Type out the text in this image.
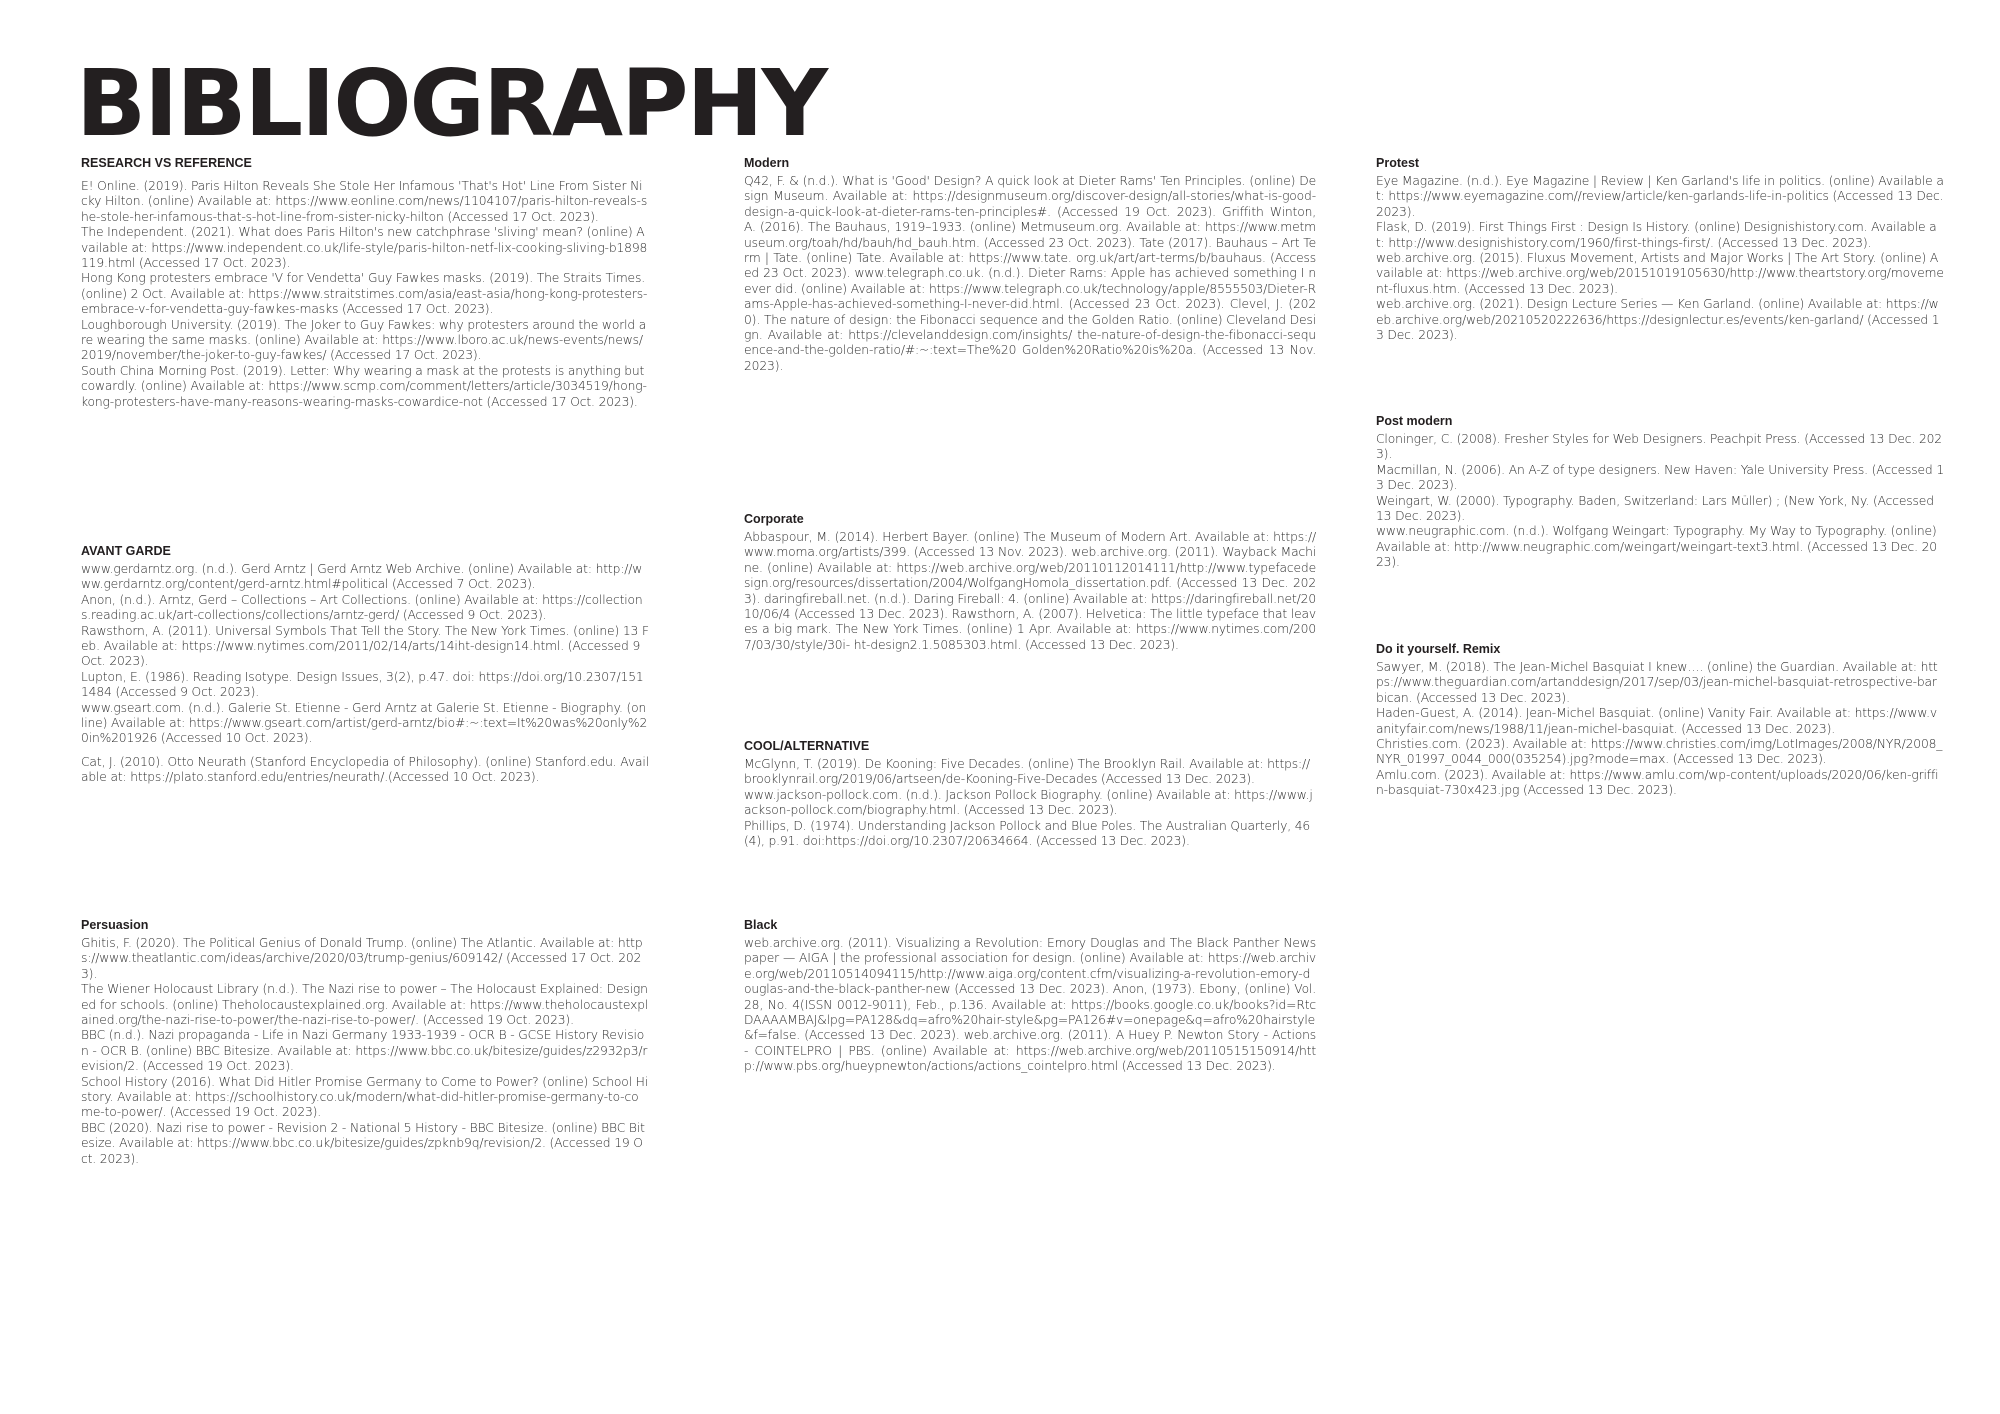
BIBLIOGRAPHY
RESEARCH VS REFERENCE

E! Online. (2019). Paris Hilton Reveals She Stole Her Infamous 'That's Hot' Line From Sister Nicky Hilton. (online) Available at: https://www.eonline.com/news/1104107/paris-hilton-reveals-she-stole-her-infamous-that-s-hot-line-from-sister-nicky-hilton (Accessed 17 Oct. 2023).

The Independent. (2021). What does Paris Hilton's new catchphrase 'sliving' mean? (online) Available at: https://www.independent.co.uk/life-style/paris-hilton-netf-lix-cooking-sliving-b1898119.html (Accessed 17 Oct. 2023).

Hong Kong protesters embrace 'V for Vendetta' Guy Fawkes masks. (2019). The Straits Times. (online) 2 Oct. Available at: https://www.straitstimes.com/asia/east-asia/hong-kong-protesters-embrace-v-for-vendetta-guy-fawkes-masks (Accessed 17 Oct. 2023).

Loughborough University. (2019). The Joker to Guy Fawkes: why protesters around the world are wearing the same masks. (online) Available at: https://www.lboro.ac.uk/news-events/news/2019/november/the-joker-to-guy-fawkes/ (Accessed 17 Oct. 2023).

South China Morning Post. (2019). Letter: Why wearing a mask at the protests is anything but cowardly. (online) Available at: https://www.scmp.com/comment/letters/article/3034519/hong-kong-protesters-have-many-reasons-wearing-masks-cowardice-not (Accessed 17 Oct. 2023).

AVANT GARDE

www.gerdarntz.org. (n.d.). Gerd Arntz | Gerd Arntz Web Archive. (online) Available at: http://www.gerdarntz.org/content/gerd-arntz.html#political (Accessed 7 Oct. 2023).

Anon, (n.d.). Arntz, Gerd – Collections – Art Collections. (online) Available at: https://collections.reading.ac.uk/art-collections/collections/arntz-gerd/ (Accessed 9 Oct. 2023).

Rawsthorn, A. (2011). Universal Symbols That Tell the Story. The New York Times. (online) 13 Feb. Available at: https://www.nytimes.com/2011/02/14/arts/14iht-design14.html. (Accessed 9 Oct. 2023).

Lupton, E. (1986). Reading Isotype. Design Issues, 3(2), p.47. doi: https://doi.org/10.2307/1511484 (Accessed 9 Oct. 2023).

www.gseart.com. (n.d.). Galerie St. Etienne - Gerd Arntz at Galerie St. Etienne - Biography. (online) Available at: https://www.gseart.com/artist/gerd-arntz/bio#:~:text=It%20was%20only%20in%201926 (Accessed 10 Oct. 2023).

Cat, J. (2010). Otto Neurath (Stanford Encyclopedia of Philosophy). (online) Stanford.edu. Available at: https://plato.stanford.edu/entries/neurath/.(Accessed 10 Oct. 2023).

Persuasion

Ghitis, F. (2020). The Political Genius of Donald Trump. (online) The Atlantic. Available at: https://www.theatlantic.com/ideas/archive/2020/03/trump-genius/609142/ (Accessed 17 Oct. 2023).

The Wiener Holocaust Library (n.d.). The Nazi rise to power – The Holocaust Explained: Designed for schools. (online) Theholocaustexplained.org. Available at: https://www.theholocaustexplained.org/the-nazi-rise-to-power/the-nazi-rise-to-power/. (Accessed 19 Oct. 2023).

BBC (n.d.). Nazi propaganda - Life in Nazi Germany 1933-1939 - OCR B - GCSE History Revision - OCR B. (online) BBC Bitesize. Available at: https://www.bbc.co.uk/bitesize/guides/z2932p3/revision/2. (Accessed 19 Oct. 2023).

School History (2016). What Did Hitler Promise Germany to Come to Power? (online) School History. Available at: https://schoolhistory.co.uk/modern/what-did-hitler-promise-germany-to-come-to-power/. (Accessed 19 Oct. 2023).

BBC (2020). Nazi rise to power - Revision 2 - National 5 History - BBC Bitesize. (online) BBC Bitesize. Available at: https://www.bbc.co.uk/bitesize/guides/zpknb9q/revision/2. (Accessed 19 Oct. 2023).

Modern

Q42, F. & (n.d.). What is 'Good' Design? A quick look at Dieter Rams' Ten Principles. (online) Design Museum. Available at: https://designmuseum.org/discover-design/all-stories/what-is-good-design-a-quick-look-at-dieter-rams-ten-principles#. (Accessed 19 Oct. 2023). Griffith Winton, A. (2016). The Bauhaus, 1919–1933. (online) Metmuseum.org. Available at: https://www.metmuseum.org/toah/hd/bauh/hd_bauh.htm. (Accessed 23 Oct. 2023). Tate (2017). Bauhaus – Art Term | Tate. (online) Tate. Available at: https://www.tate. org.uk/art/art-terms/b/bauhaus. (Accessed 23 Oct. 2023). www.telegraph.co.uk. (n.d.). Dieter Rams: Apple has achieved something I never did. (online) Available at: https://www.telegraph.co.uk/technology/apple/8555503/Dieter-Rams-Apple-has-achieved-something-I-never-did.html. (Accessed 23 Oct. 2023). Clevel, J. (2020). The nature of design: the Fibonacci sequence and the Golden Ratio. (online) Cleveland Design. Available at: https://clevelanddesign.com/insights/ the-nature-of-design-the-fibonacci-sequence-and-the-golden-ratio/#:~:text=The%20 Golden%20Ratio%20is%20a. (Accessed 13 Nov. 2023).

Corporate

Abbaspour, M. (2014). Herbert Bayer. (online) The Museum of Modern Art. Available at: https://www.moma.org/artists/399. (Accessed 13 Nov. 2023). web.archive.org. (2011). Wayback Machine. (online) Available at: https://web.archive.org/web/20110112014111/http://www.typefacedesign.org/resources/dissertation/2004/WolfgangHomola_dissertation.pdf. (Accessed 13 Dec. 2023). daringfireball.net. (n.d.). Daring Fireball: 4. (online) Available at: https://daringfireball.net/2010/06/4 (Accessed 13 Dec. 2023). Rawsthorn, A. (2007). Helvetica: The little typeface that leaves a big mark. The New York Times. (online) 1 Apr. Available at: https://www.nytimes.com/2007/03/30/style/30i- ht-design2.1.5085303.html. (Accessed 13 Dec. 2023).

COOL/ALTERNATIVE

McGlynn, T. (2019). De Kooning: Five Decades. (online) The Brooklyn Rail. Available at: https://brooklynrail.org/2019/06/artseen/de-Kooning-Five-Decades (Accessed 13 Dec. 2023).

www.jackson-pollock.com. (n.d.). Jackson Pollock Biography. (online) Available at: https://www.jackson-pollock.com/biography.html. (Accessed 13 Dec. 2023).

Phillips, D. (1974). Understanding Jackson Pollock and Blue Poles. The Australian Quarterly, 46(4), p.91. doi:https://doi.org/10.2307/20634664. (Accessed 13 Dec. 2023).

Black

web.archive.org. (2011). Visualizing a Revolution: Emory Douglas and The Black Panther Newspaper — AIGA | the professional association for design. (online) Available at: https://web.archive.org/web/20110514094115/http://www.aiga.org/content.cfm/visualizing-a-revolution-emory-douglas-and-the-black-panther-new (Accessed 13 Dec. 2023). Anon, (1973). Ebony, (online) Vol. 28, No. 4(ISSN 0012-9011), Feb., p.136. Available at: https://books.google.co.uk/books?id=RtcDAAAAMBAJ&lpg=PA128&dq=afro%20hair-style&pg=PA126#v=onepage&q=afro%20hairstyle&f=false. (Accessed 13 Dec. 2023). web.archive.org. (2011). A Huey P. Newton Story - Actions - COINTELPRO | PBS. (online) Available at: https://web.archive.org/web/20110515150914/http://www.pbs.org/hueypnewton/actions/actions_cointelpro.html (Accessed 13 Dec. 2023).

Protest

Eye Magazine. (n.d.). Eye Magazine | Review | Ken Garland's life in politics. (online) Available at: https://www.eyemagazine.com//review/article/ken-garlands-life-in-politics (Accessed 13 Dec. 2023).

Flask, D. (2019). First Things First : Design Is History. (online) Designishistory.com. Available at: http://www.designishistory.com/1960/first-things-first/. (Accessed 13 Dec. 2023).

web.archive.org. (2015). Fluxus Movement, Artists and Major Works | The Art Story. (online) Available at: https://web.archive.org/web/20151019105630/http://www.theartstory.org/movement-fluxus.htm. (Accessed 13 Dec. 2023).

web.archive.org. (2021). Design Lecture Series — Ken Garland. (online) Available at: https://web.archive.org/web/20210520222636/https://designlectur.es/events/ken-garland/ (Accessed 13 Dec. 2023).

Post modern

Cloninger, C. (2008). Fresher Styles for Web Designers. Peachpit Press. (Accessed 13 Dec. 2023).

Macmillan, N. (2006). An A-Z of type designers. New Haven: Yale University Press. (Accessed 13 Dec. 2023).

Weingart, W. (2000). Typography. Baden, Switzerland: Lars Müller) ; (New York, Ny. (Accessed 13 Dec. 2023).

www.neugraphic.com. (n.d.). Wolfgang Weingart: Typography. My Way to Typography. (online) Available at: http://www.neugraphic.com/weingart/weingart-text3.html. (Accessed 13 Dec. 2023).

Do it yourself. Remix

Sawyer, M. (2018). The Jean-Michel Basquiat I knew…. (online) the Guardian. Available at: https://www.theguardian.com/artanddesign/2017/sep/03/jean-michel-basquiat-retrospective-barbican. (Accessed 13 Dec. 2023).

Haden-Guest, A. (2014). Jean-Michel Basquiat. (online) Vanity Fair. Available at: https://www.vanityfair.com/news/1988/11/jean-michel-basquiat. (Accessed 13 Dec. 2023).

Christies.com. (2023). Available at: https://www.christies.com/img/LotImages/2008/NYR/2008_NYR_01997_0044_000(035254).jpg?mode=max. (Accessed 13 Dec. 2023).

Amlu.com. (2023). Available at: https://www.amlu.com/wp-content/uploads/2020/06/ken-griffin-basquiat-730x423.jpg (Accessed 13 Dec. 2023).
